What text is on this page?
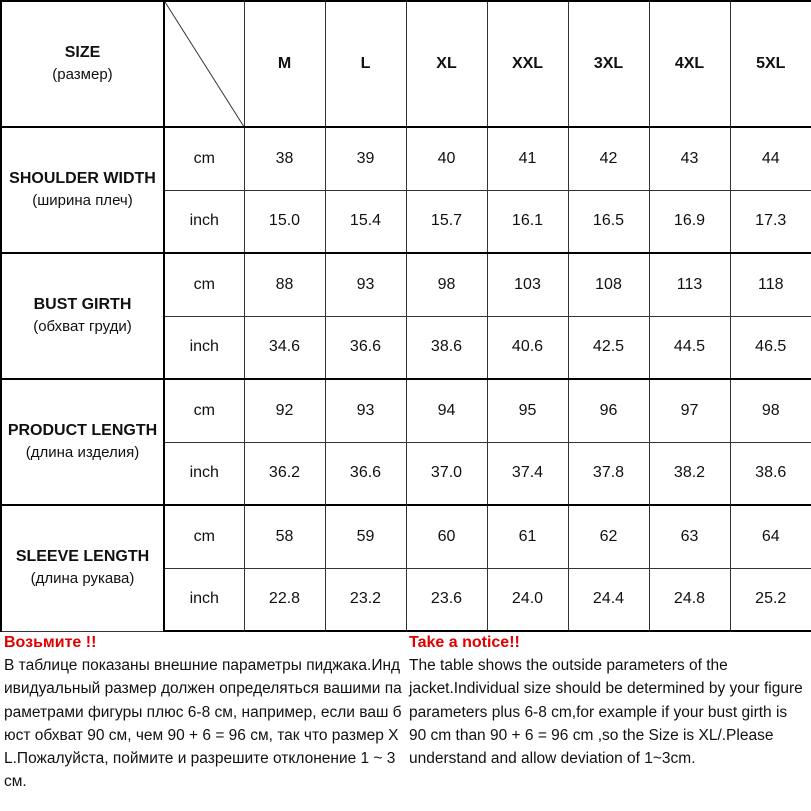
SIZE
(размер)		M	L	XL	XXL	3XL	4XL	5XL

SHOULDER WIDTH
(ширина плеч)	cm	38	39	40	41	42	43	44
	inch	15.0	15.4	15.7	16.1	16.5	16.9	17.3

BUST GIRTH
(обхват груди)	cm	88	93	98	103	108	113	118
	inch	34.6	36.6	38.6	40.6	42.5	44.5	46.5

PRODUCT LENGTH
(длина изделия)	cm	92	93	94	95	96	97	98
	inch	36.2	36.6	37.0	37.4	37.8	38.2	38.6

SLEEVE LENGTH
(длина рукава)	cm	58	59	60	61	62	63	64
	inch	22.8	23.2	23.6	24.0	24.4	24.8	25.2
Возьмите !!
В таблице показаны внешние параметры пиджака.Индивидуальный размер должен определяться вашими параметрами фигуры плюс 6-8 см, например, если ваш бюст обхват 90 см, чем 90 + 6 = 96 см, так что размер XL.Пожалуйста, поймите и разрешите отклонение 1 ~ 3 см.
Take a notice!!
The table shows the outside parameters of the jacket.Individual size should be determined by your figure parameters plus 6-8 cm,for example if your bust girth is 90 cm than 90 + 6 = 96 cm ,so the Size is XL/.Please understand and allow deviation of 1~3cm.
